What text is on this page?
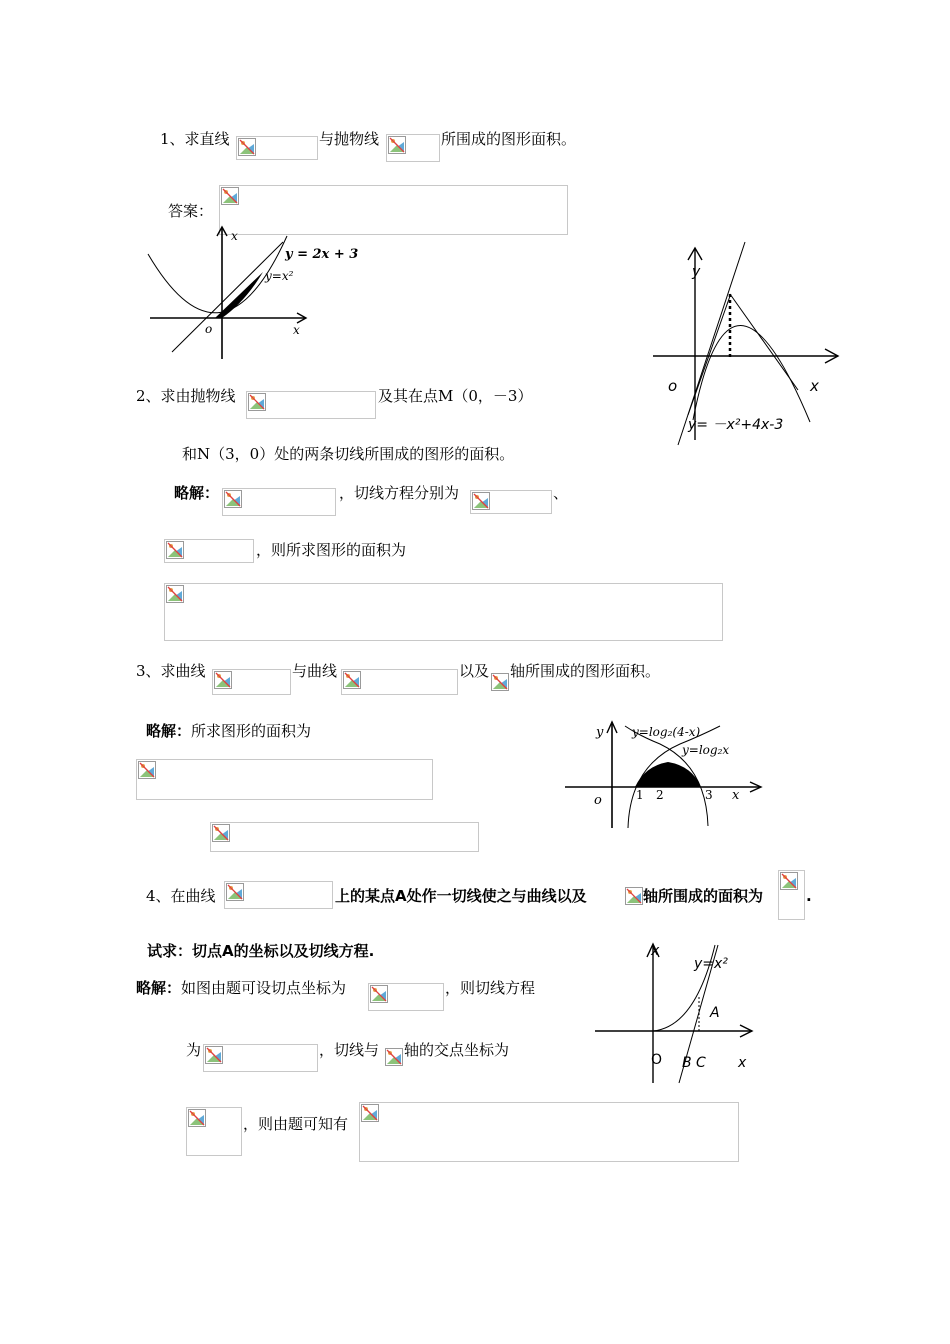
1、求直线	与抛物线	所围成的图形面积。
答案：
x
x
o
y = 2x + 3
y=x²	y
x
o
y= －x²+4x-3
2、求由抛物线	及其在点M（0，－3）
和N（3，0）处的两条切线所围成的图形的面积。
略解：	，切线方程分别为	、
，则所求图形的面积为
3、求曲线	与曲线	以及 轴所围成的图形面积。
略解：所求图形的面积为	y
x
o
y=log₂(4-x)
y=log₂x
1 2	3
4、在曲线	上的某点A处作一切线使之与曲线以及	轴所围成的面积为	.
试求：切点A的坐标以及切线方程.
略解：如图由题可设切点坐标为	，则切线方程
为	，切线与 轴的交点坐标为
，则由题可知有
x
x
O
y=x²
A
B C
